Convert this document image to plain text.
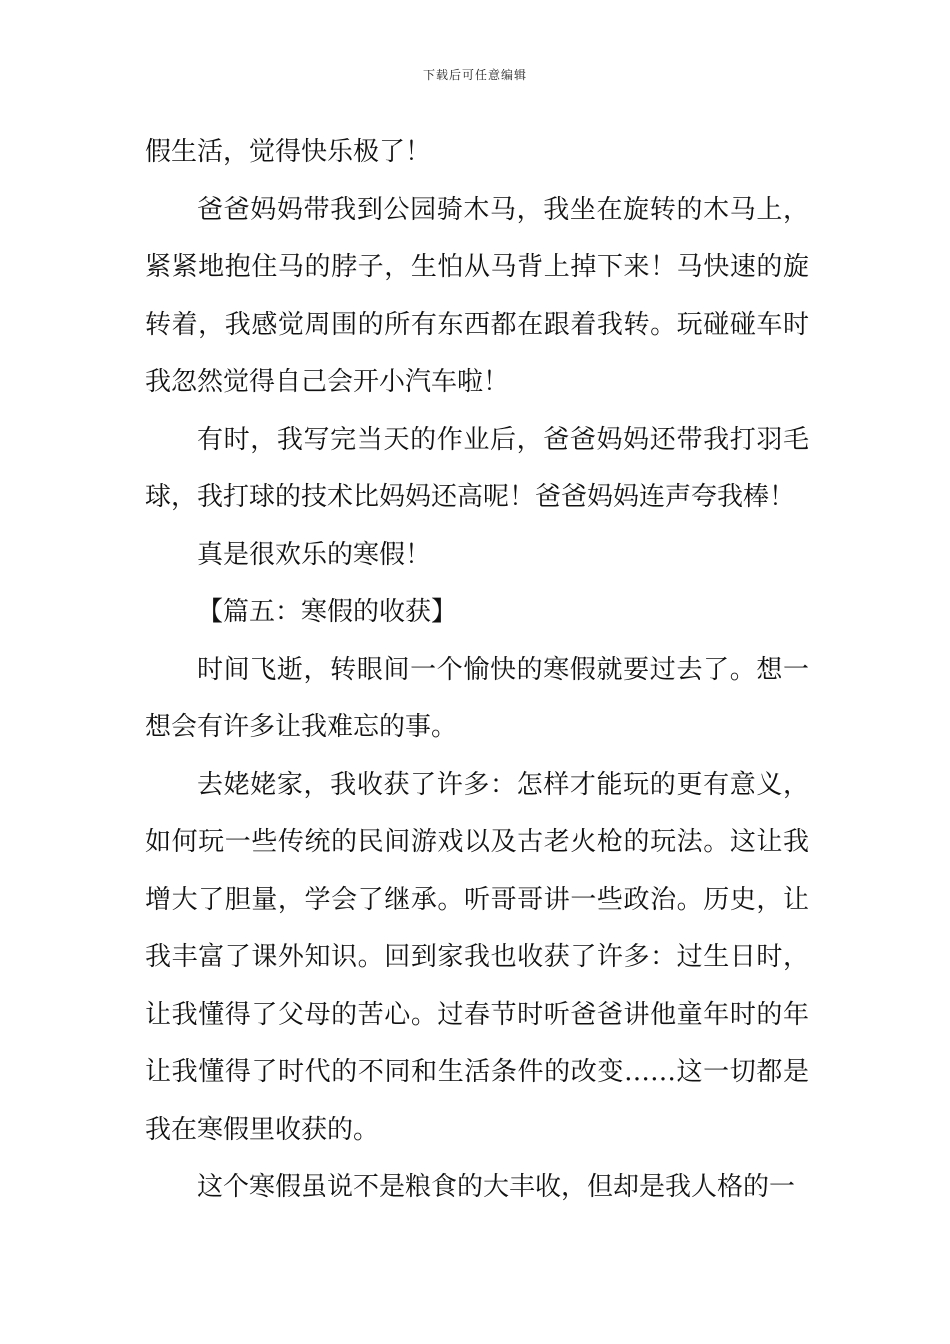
下载后可任意编辑

假生活，觉得快乐极了！

爸爸妈妈带我到公园骑木马，我坐在旋转的木马上，紧紧地抱住马的脖子，生怕从马背上掉下来！马快速的旋转着，我感觉周围的所有东西都在跟着我转。玩碰碰车时我忽然觉得自己会开小汽车啦！

有时，我写完当天的作业后，爸爸妈妈还带我打羽毛球，我打球的技术比妈妈还高呢！爸爸妈妈连声夸我棒！

真是很欢乐的寒假！

【篇五：寒假的收获】

时间飞逝，转眼间一个愉快的寒假就要过去了。想一想会有许多让我难忘的事。

去姥姥家，我收获了许多：怎样才能玩的更有意义，如何玩一些传统的民间游戏以及古老火枪的玩法。这让我增大了胆量，学会了继承。听哥哥讲一些政治。历史，让我丰富了课外知识。回到家我也收获了许多：过生日时，让我懂得了父母的苦心。过春节时听爸爸讲他童年时的年让我懂得了时代的不同和生活条件的改变……这一切都是我在寒假里收获的。

这个寒假虽说不是粮食的大丰收，但却是我人格的一
